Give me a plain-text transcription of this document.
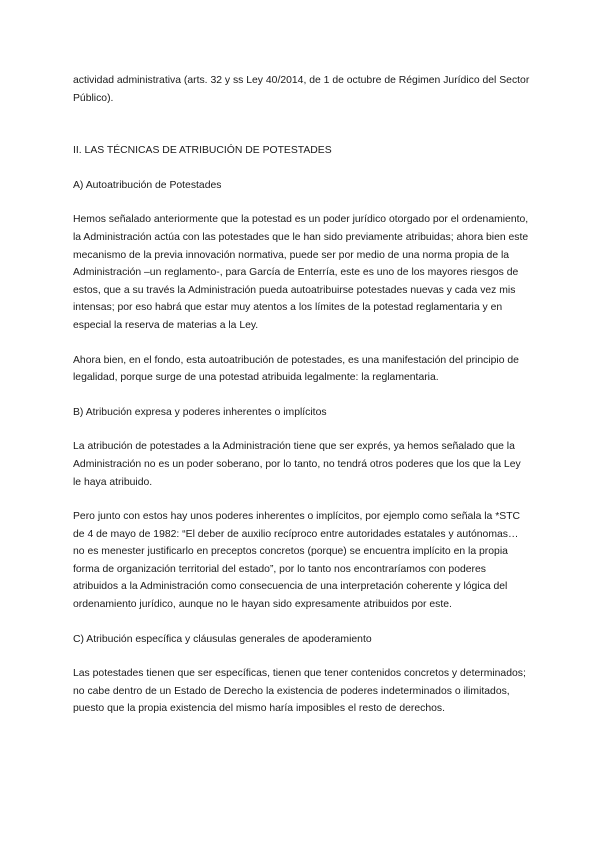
actividad administrativa (arts. 32 y ss Ley 40/2014, de 1 de octubre de Régimen Jurídico del Sector Público).

II. LAS TÉCNICAS DE ATRIBUCIÓN DE POTESTADES

A) Autoatribución de Potestades

Hemos señalado anteriormente que la potestad es un poder jurídico otorgado por el ordenamiento, la Administración actúa con las potestades que le han sido previamente atribuidas; ahora bien este mecanismo de la previa innovación normativa, puede ser por medio de una norma propia de la Administración –un reglamento-, para García de Enterría, este es uno de los mayores riesgos de estos, que a su través la Administración pueda autoatribuirse potestades nuevas y cada vez mis intensas; por eso habrá que estar muy atentos a los límites de la potestad reglamentaria y en especial la reserva de materias a la Ley.

Ahora bien, en el fondo, esta autoatribución de potestades, es una manifestación del principio de legalidad, porque surge de una potestad atribuida legalmente: la reglamentaria.

B) Atribución expresa y poderes inherentes o implícitos

La atribución de potestades a la Administración tiene que ser exprés, ya hemos señalado que la Administración no es un poder soberano, por lo tanto, no tendrá otros poderes que los que la Ley le haya atribuido.

Pero junto con estos hay unos poderes inherentes o implícitos, por ejemplo como señala la *STC de 4 de mayo de 1982: “El deber de auxilio recíproco entre autoridades estatales y autónomas… no es menester justificarlo en preceptos concretos (porque) se encuentra implícito en la propia forma de organización territorial del estado”, por lo tanto nos encontraríamos con poderes atribuidos a la Administración como consecuencia de una interpretación coherente y lógica del ordenamiento jurídico, aunque no le hayan sido expresamente atribuidos por este.

C) Atribución específica y cláusulas generales de apoderamiento

Las potestades tienen que ser específicas, tienen que tener contenidos concretos y determinados; no cabe dentro de un Estado de Derecho la existencia de poderes indeterminados o ilimitados, puesto que la propia existencia del mismo haría imposibles el resto de derechos.
